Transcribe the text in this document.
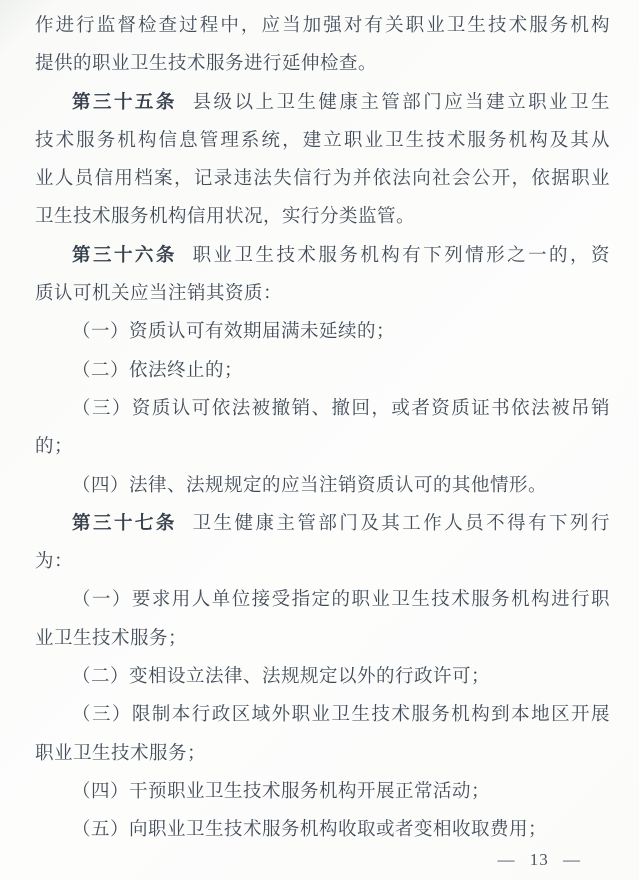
作进行监督检查过程中，应当加强对有关职业卫生技术服务机构
提供的职业卫生技术服务进行延伸检查。
第三十五条 县级以上卫生健康主管部门应当建立职业卫生
技术服务机构信息管理系统，建立职业卫生技术服务机构及其从
业人员信用档案，记录违法失信行为并依法向社会公开，依据职业
卫生技术服务机构信用状况，实行分类监管。
第三十六条 职业卫生技术服务机构有下列情形之一的，资
质认可机关应当注销其资质：
（一）资质认可有效期届满未延续的；
（二）依法终止的；
（三）资质认可依法被撤销、撤回，或者资质证书依法被吊销
的；
（四）法律、法规规定的应当注销资质认可的其他情形。
第三十七条 卫生健康主管部门及其工作人员不得有下列行
为：
（一）要求用人单位接受指定的职业卫生技术服务机构进行职
业卫生技术服务；
（二）变相设立法律、法规规定以外的行政许可；
（三）限制本行政区域外职业卫生技术服务机构到本地区开展
职业卫生技术服务；
（四）干预职业卫生技术服务机构开展正常活动；
（五）向职业卫生技术服务机构收取或者变相收取费用；
— 13 —
